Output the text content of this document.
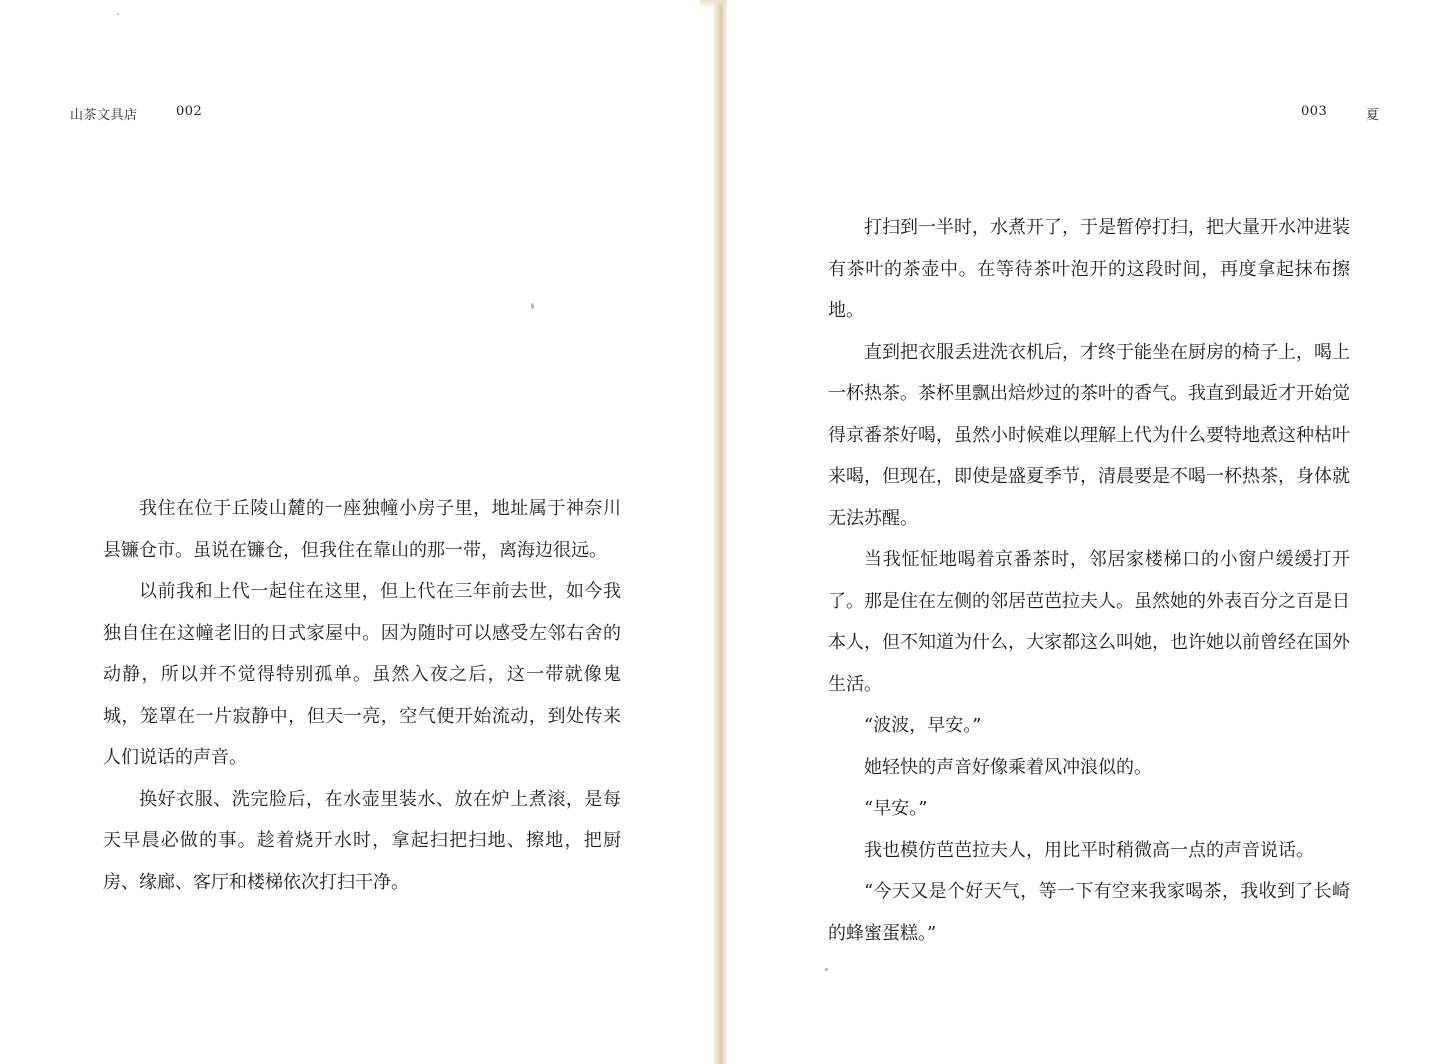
山茶文具店	002

我住在位于丘陵山麓的一座独幢小房子里，地址属于神奈川县镰仓市。虽说在镰仓，但我住在靠山的那一带，离海边很远。

以前我和上代一起住在这里，但上代在三年前去世，如今我独自住在这幢老旧的日式家屋中。因为随时可以感受左邻右舍的动静，所以并不觉得特别孤单。虽然入夜之后，这一带就像鬼城，笼罩在一片寂静中，但天一亮，空气便开始流动，到处传来人们说话的声音。

换好衣服、洗完脸后，在水壶里装水、放在炉上煮滚，是每天早晨必做的事。趁着烧开水时，拿起扫把扫地、擦地，把厨房、缘廊、客厅和楼梯依次打扫干净。

003	夏

打扫到一半时，水煮开了，于是暂停打扫，把大量开水冲进装有茶叶的茶壶中。在等待茶叶泡开的这段时间，再度拿起抹布擦地。

直到把衣服丢进洗衣机后，才终于能坐在厨房的椅子上，喝上一杯热茶。茶杯里飘出焙炒过的茶叶的香气。我直到最近才开始觉得京番茶好喝，虽然小时候难以理解上代为什么要特地煮这种枯叶来喝，但现在，即使是盛夏季节，清晨要是不喝一杯热茶，身体就无法苏醒。

当我怔怔地喝着京番茶时，邻居家楼梯口的小窗户缓缓打开了。那是住在左侧的邻居芭芭拉夫人。虽然她的外表百分之百是日本人，但不知道为什么，大家都这么叫她，也许她以前曾经在国外生活。

“波波，早安。”

她轻快的声音好像乘着风冲浪似的。

“早安。”

我也模仿芭芭拉夫人，用比平时稍微高一点的声音说话。

“今天又是个好天气，等一下有空来我家喝茶，我收到了长崎的蜂蜜蛋糕。”
